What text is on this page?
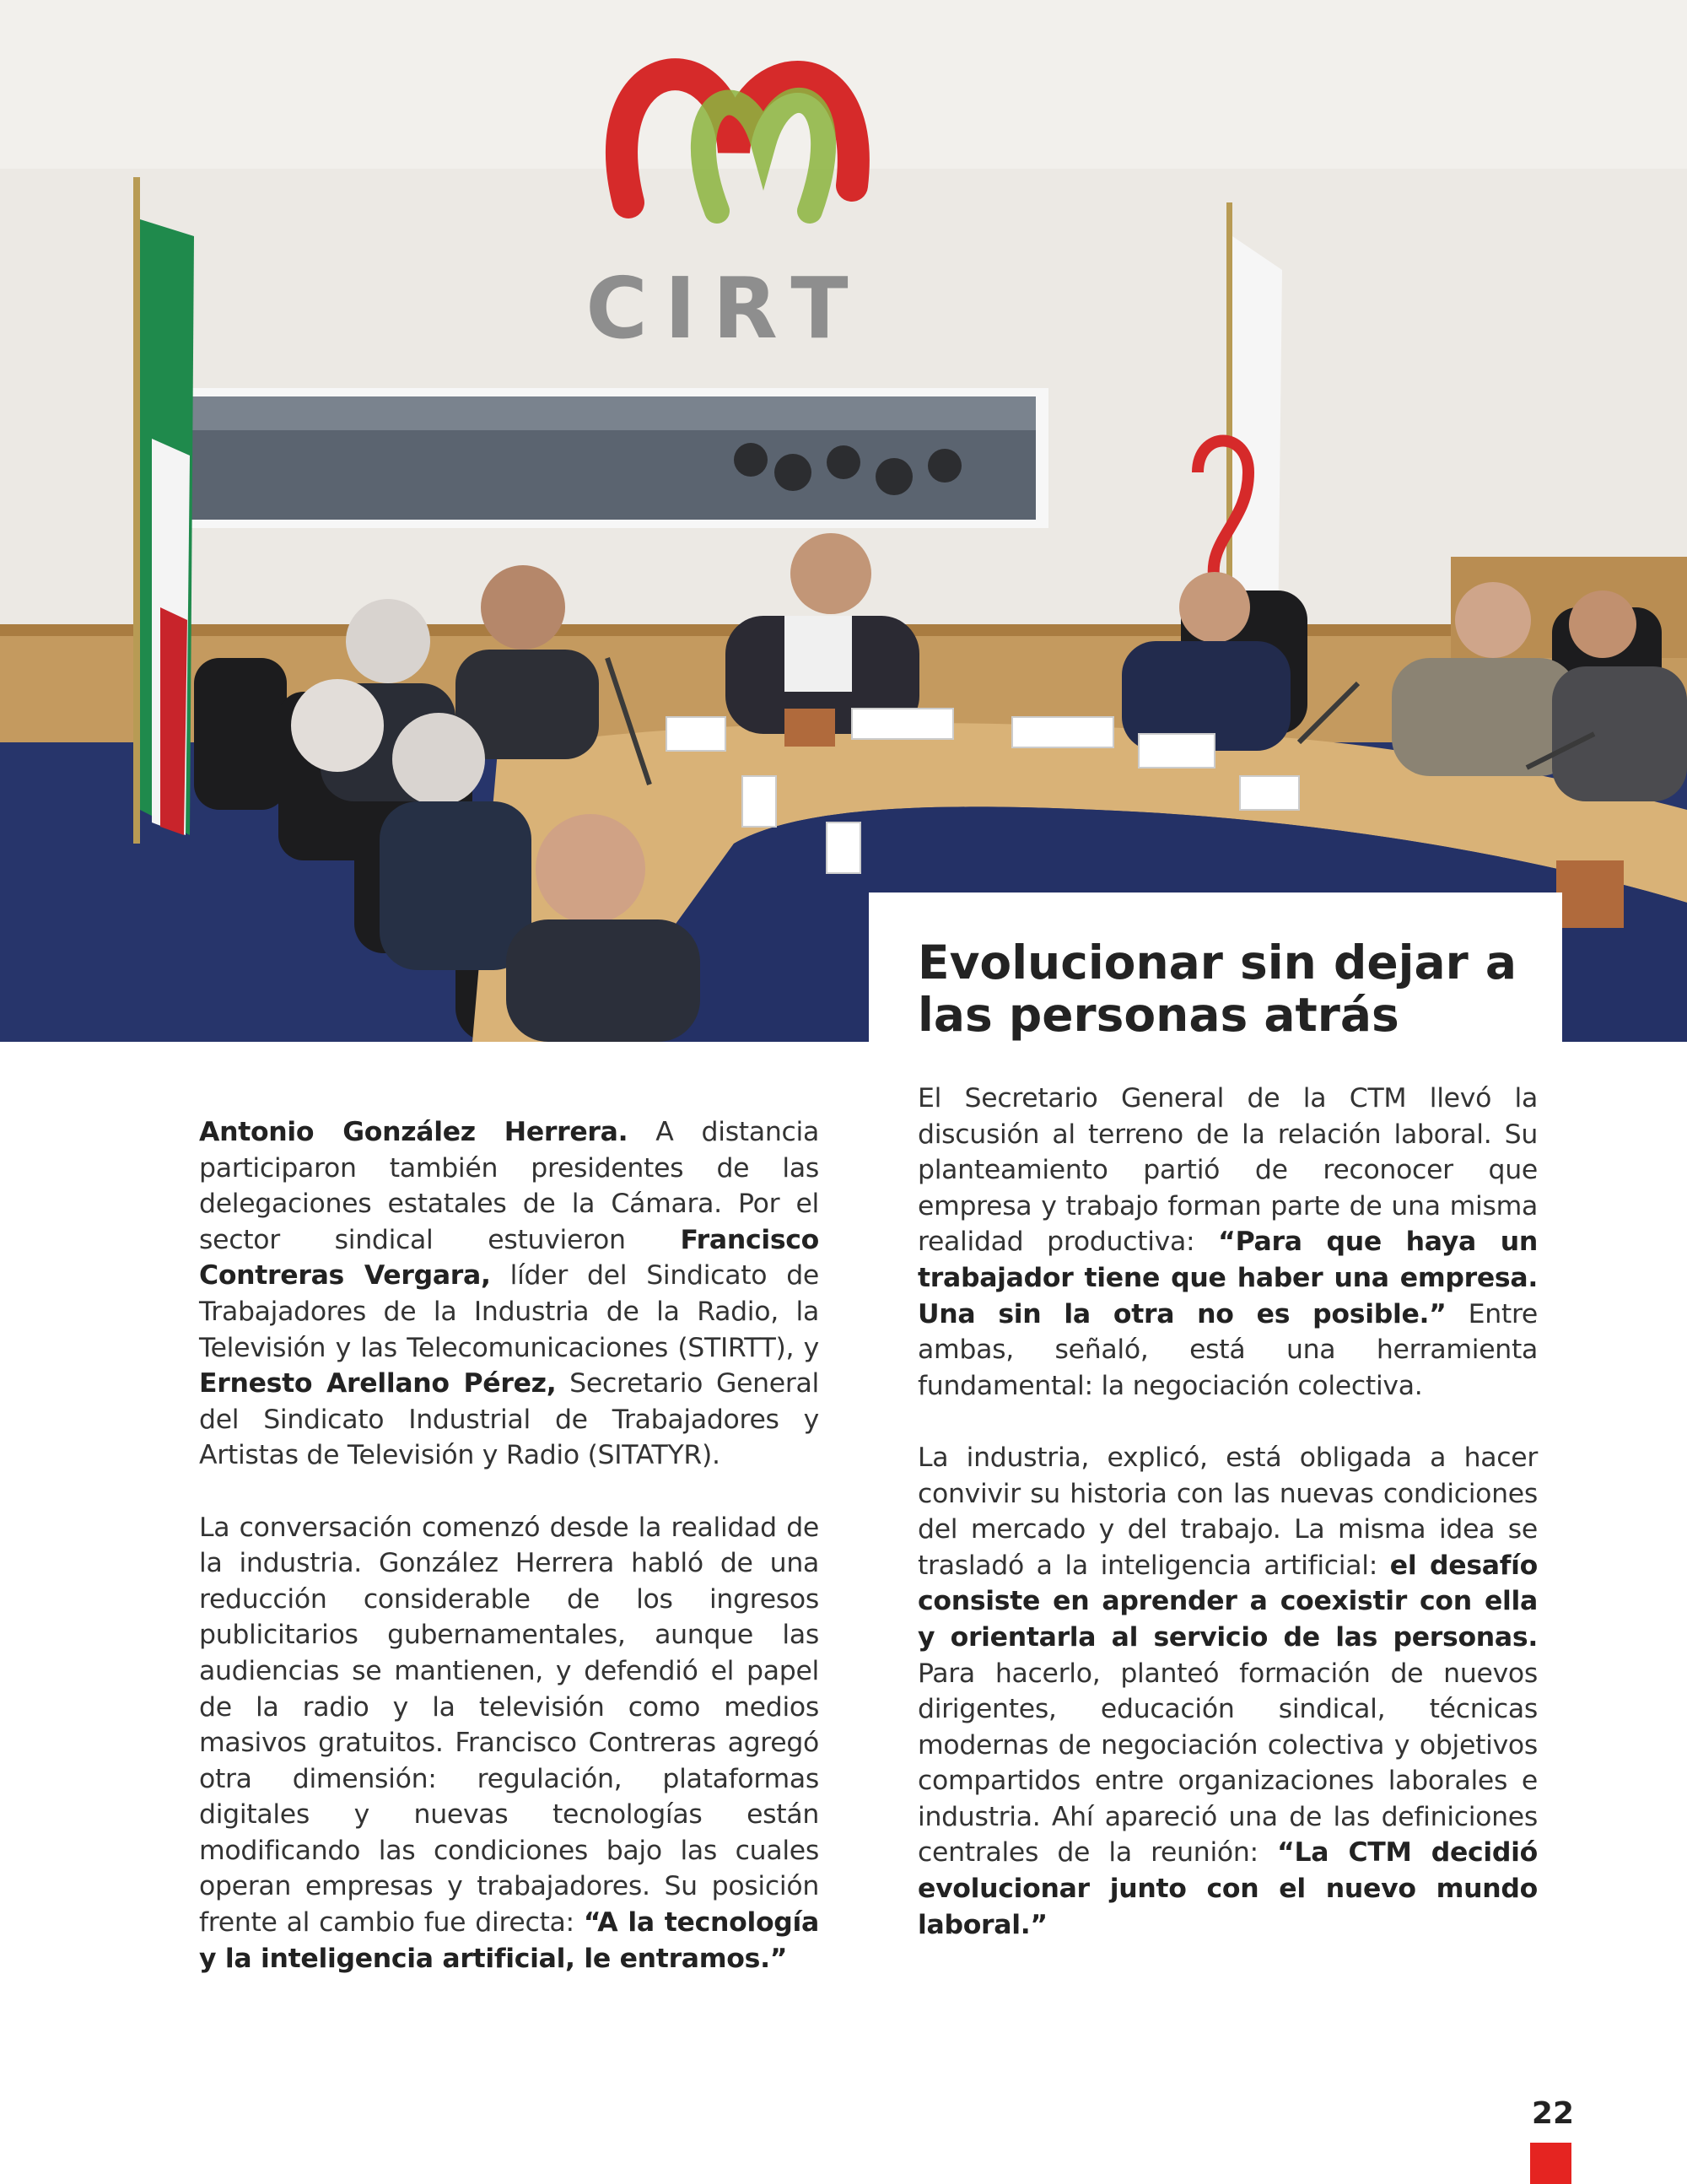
CIRT
Evolucionar sin dejar a las personas atrás

Antonio González Herrera. A distancia participaron también presidentes de las delegaciones estatales de la Cámara. Por el sector sindical estuvieron Francisco Contreras Vergara, líder del Sindicato de Trabajadores de la Industria de la Radio, la Televisión y las Telecomunicaciones (STIRTT), y Ernesto Arellano Pérez, Secretario General del Sindicato Industrial de Trabajadores y Artistas de Televisión y Radio (SITATYR).

La conversación comenzó desde la realidad de la industria. González Herrera habló de una reducción considerable de los ingresos publicitarios gubernamentales, aunque las audiencias se mantienen, y defendió el papel de la radio y la televisión como medios masivos gratuitos. Francisco Contreras agregó otra dimensión: regulación, plataformas digitales y nuevas tecnologías están modificando las condiciones bajo las cuales operan empresas y trabajadores. Su posición frente al cambio fue directa: “A la tecnología y la inteligencia artificial, le entramos.”

El Secretario General de la CTM llevó la discusión al terreno de la relación laboral. Su planteamiento partió de reconocer que empresa y trabajo forman parte de una misma realidad productiva: “Para que haya un trabajador tiene que haber una empresa. Una sin la otra no es posible.” Entre ambas, señaló, está una herramienta fundamental: la negociación colectiva.

La industria, explicó, está obligada a hacer convivir su historia con las nuevas condiciones del mercado y del trabajo. La misma idea se trasladó a la inteligencia artificial: el desafío consiste en aprender a coexistir con ella y orientarla al servicio de las personas. Para hacerlo, planteó formación de nuevos dirigentes, educación sindical, técnicas modernas de negociación colectiva y objetivos compartidos entre organizaciones laborales e industria. Ahí apareció una de las definiciones centrales de la reunión: “La CTM decidió evolucionar junto con el nuevo mundo laboral.”

22
